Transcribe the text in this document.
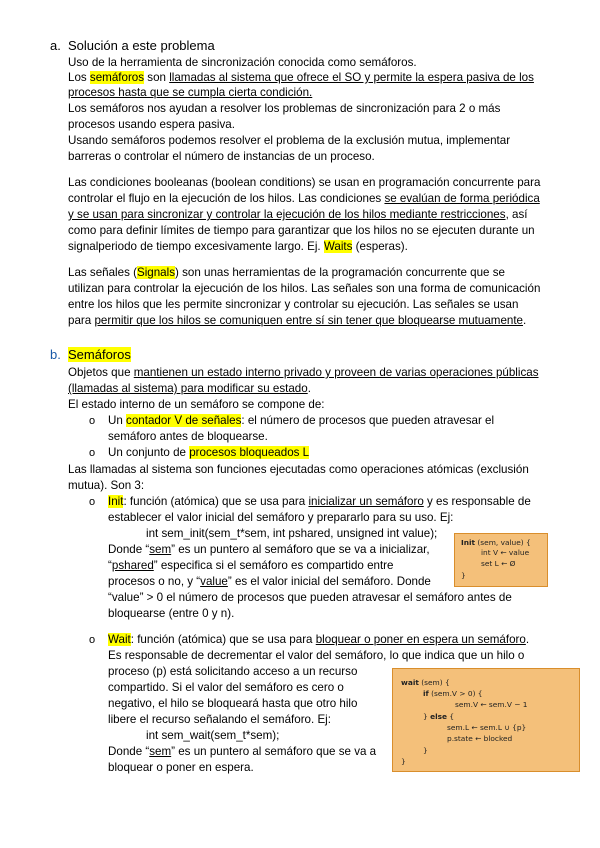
a. Solución a este problema
Uso de la herramienta de sincronización conocida como semáforos.
Los semáforos son llamadas al sistema que ofrece el SO y permite la espera pasiva de los
procesos hasta que se cumpla cierta condición.
Los semáforos nos ayudan a resolver los problemas de sincronización para 2 o más
procesos usando espera pasiva.
Usando semáforos podemos resolver el problema de la exclusión mutua, implementar
barreras o controlar el número de instancias de un proceso.
Las condiciones booleanas (boolean conditions) se usan en programación concurrente para
controlar el flujo en la ejecución de los hilos. Las condiciones se evalúan de forma periódica
y se usan para sincronizar y controlar la ejecución de los hilos mediante restricciones, así
como para definir límites de tiempo para garantizar que los hilos no se ejecuten durante un
signalperiodo de tiempo excesivamente largo. Ej. Waits (esperas).
Las señales (Signals) son unas herramientas de la programación concurrente que se
utilizan para controlar la ejecución de los hilos. Las señales son una forma de comunicación
entre los hilos que les permite sincronizar y controlar su ejecución. Las señales se usan
para permitir que los hilos se comuniquen entre sí sin tener que bloquearse mutuamente.
b. Semáforos
Objetos que mantienen un estado interno privado y proveen de varias operaciones públicas
(llamadas al sistema) para modificar su estado.
El estado interno de un semáforo se compone de:
o Un contador V de señales: el número de procesos que pueden atravesar el
semáforo antes de bloquearse.
o Un conjunto de procesos bloqueados L
Las llamadas al sistema son funciones ejecutadas como operaciones atómicas (exclusión
mutua). Son 3:
o Init: función (atómica) que se usa para inicializar un semáforo y es responsable de
establecer el valor inicial del semáforo y prepararlo para su uso. Ej:
int sem_init(sem_t*sem, int pshared, unsigned int value);
Donde “sem” es un puntero al semáforo que se va a inicializar,
“pshared” especifica si el semáforo es compartido entre
procesos o no, y “value” es el valor inicial del semáforo. Donde
“value” > 0 el número de procesos que pueden atravesar el semáforo antes de
bloquearse (entre 0 y n).
Init (sem, value) {
int V ← value
set L ← Ø
}
o Wait: función (atómica) que se usa para bloquear o poner en espera un semáforo.
Es responsable de decrementar el valor del semáforo, lo que indica que un hilo o
proceso (p) está solicitando acceso a un recurso
compartido. Si el valor del semáforo es cero o
negativo, el hilo se bloqueará hasta que otro hilo
libere el recurso señalando el semáforo. Ej:
int sem_wait(sem_t*sem);
Donde “sem” es un puntero al semáforo que se va a
bloquear o poner en espera.
wait (sem) {
if (sem.V > 0) {
sem.V ← sem.V − 1
} else {
sem.L ← sem.L ∪ {p}
p.state ← blocked
}
}
